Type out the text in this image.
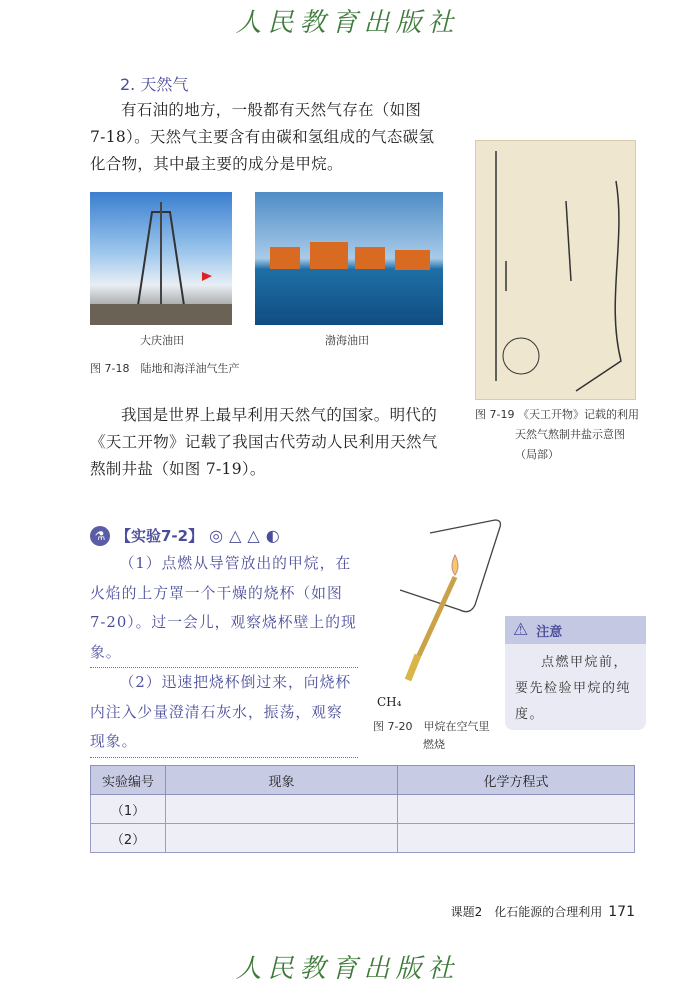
人民教育出版社
2. 天然气
有石油的地方，一般都有天然气存在（如图 7-18）。天然气主要含有由碳和氢组成的气态碳氢化合物，其中最主要的成分是甲烷。
大庆油田	渤海油田
图 7-18　陆地和海洋油气生产
图 7-19 《天工开物》记载的利用天然气熬制井盐示意图（局部）
我国是世界上最早利用天然气的国家。明代的《天工开物》记载了我国古代劳动人民利用天然气熬制井盐（如图 7-19）。
⚗ 【实验7-2】 ◎ △ △ ◐

（1）点燃从导管放出的甲烷，在火焰的上方罩一个干燥的烧杯（如图 7-20）。过一会儿，观察烧杯壁上的现象。

（2）迅速把烧杯倒过来，向烧杯内注入少量澄清石灰水，振荡，观察现象。

CH₄
图 7-20　甲烷在空气里燃烧
⚠ 注意
点燃甲烷前，要先检验甲烷的纯度。
实验编号	现象	化学方程式
（1）		
（2）		
课题2　化石能源的合理利用 171
人民教育出版社
